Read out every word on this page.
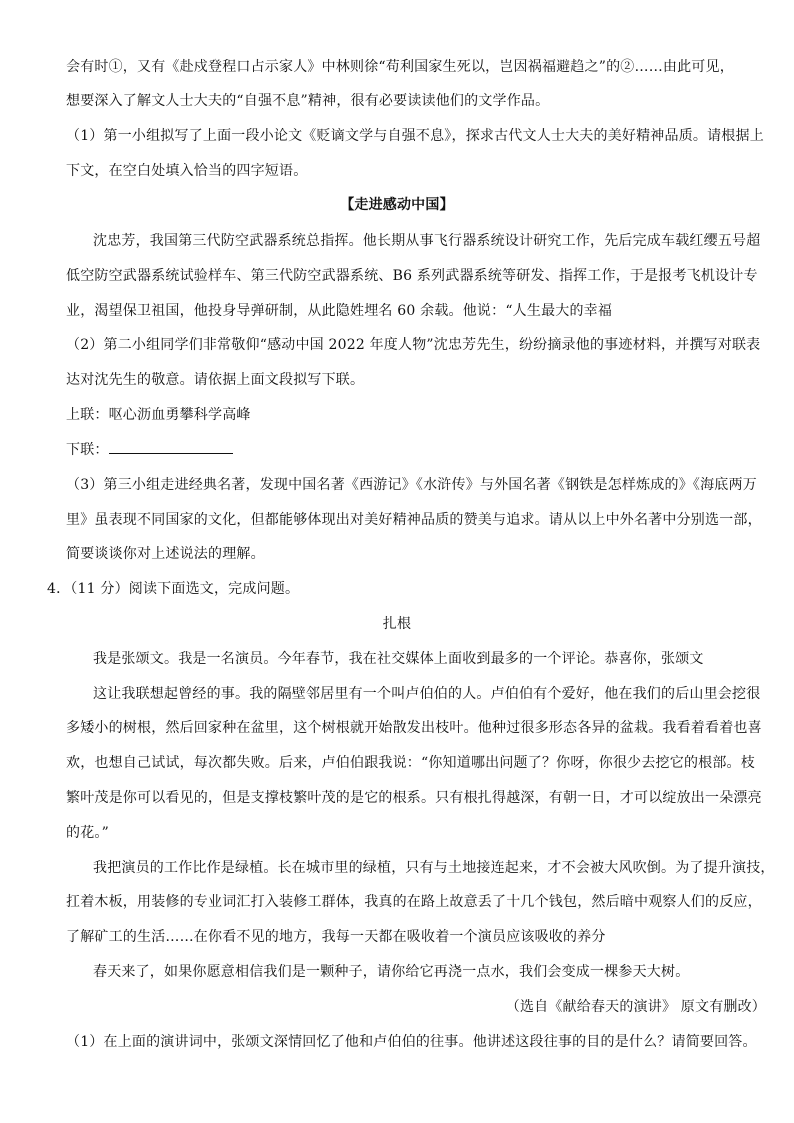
会有时①，又有《赴戍登程口占示家人》中林则徐“苟利国家生死以，岂因祸福避趋之”的②……由此可见，
想要深入了解文人士大夫的“自强不息”精神，很有必要读读他们的文学作品。
（1）第一小组拟写了上面一段小论文《贬谪文学与自强不息》，探求古代文人士大夫的美好精神品质。请根据上
下文，在空白处填入恰当的四字短语。
【走进感动中国】
沈忠芳，我国第三代防空武器系统总指挥。他长期从事飞行器系统设计研究工作，先后完成车载红缨五号超
低空防空武器系统试验样车、第三代防空武器系统、B6 系列武器系统等研发、指挥工作，于是报考飞机设计专
业，渴望保卫祖国，他投身导弹研制，从此隐姓埋名 60 余载。他说：“人生最大的幸福
（2）第二小组同学们非常敬仰“感动中国 2022 年度人物”沈忠芳先生，纷纷摘录他的事迹材料，并撰写对联表
达对沈先生的敬意。请依据上面文段拟写下联。
上联：呕心沥血勇攀科学高峰
下联：
（3）第三小组走进经典名著，发现中国名著《西游记》《水浒传》与外国名著《钢铁是怎样炼成的》《海底两万
里》虽表现不同国家的文化，但都能够体现出对美好精神品质的赞美与追求。请从以上中外名著中分别选一部，
简要谈谈你对上述说法的理解。
4．（11 分）阅读下面选文，完成问题。
扎根
我是张颂文。我是一名演员。今年春节，我在社交媒体上面收到最多的一个评论。恭喜你，张颂文
这让我联想起曾经的事。我的隔壁邻居里有一个叫卢伯伯的人。卢伯伯有个爱好，他在我们的后山里会挖很
多矮小的树根，然后回家种在盆里，这个树根就开始散发出枝叶。他种过很多形态各异的盆栽。我看着看着也喜
欢，也想自己试试，每次都失败。后来，卢伯伯跟我说：“你知道哪出问题了？你呀，你很少去挖它的根部。枝
繁叶茂是你可以看见的，但是支撑枝繁叶茂的是它的根系。只有根扎得越深，有朝一日，才可以绽放出一朵漂亮
的花。”
我把演员的工作比作是绿植。长在城市里的绿植，只有与土地接连起来，才不会被大风吹倒。为了提升演技，
扛着木板，用装修的专业词汇打入装修工群体，我真的在路上故意丢了十几个钱包，然后暗中观察人们的反应，
了解矿工的生活……在你看不见的地方，我每一天都在吸收着一个演员应该吸收的养分
春天来了，如果你愿意相信我们是一颗种子，请你给它再浇一点水，我们会变成一棵参天大树。
（选自《献给春天的演讲》 原文有删改）
（1）在上面的演讲词中，张颂文深情回忆了他和卢伯伯的往事。他讲述这段往事的目的是什么？请简要回答。
